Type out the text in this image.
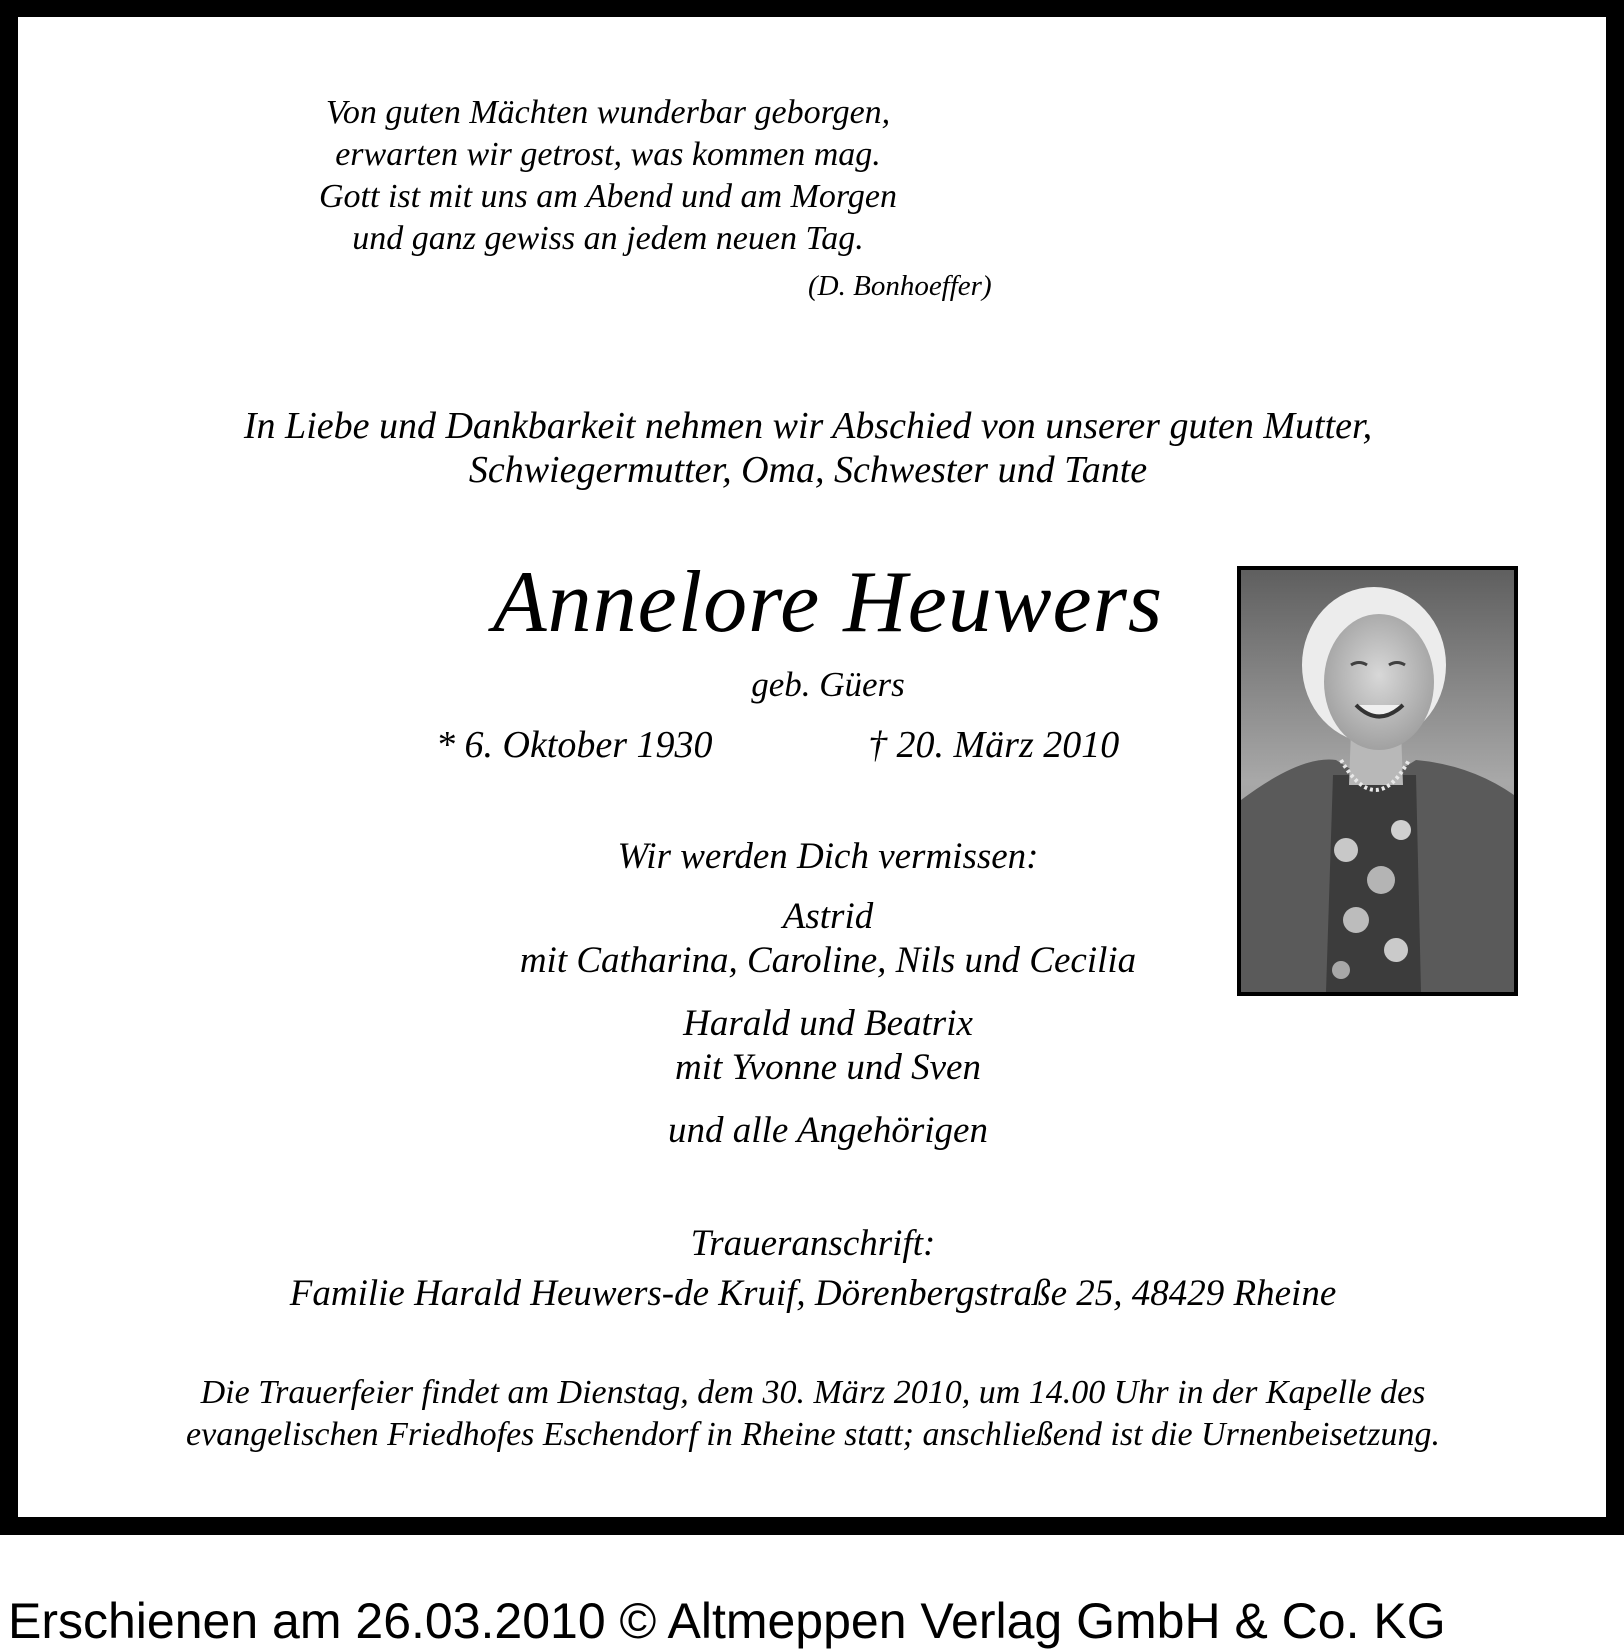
Von guten Mächten wunderbar geborgen,
erwarten wir getrost, was kommen mag.
Gott ist mit uns am Abend und am Morgen
und ganz gewiss an jedem neuen Tag.
(D. Bonhoeffer)
In Liebe und Dankbarkeit nehmen wir Abschied von unserer guten Mutter,
Schwiegermutter, Oma, Schwester und Tante
Annelore Heuwers
geb. Güers
* 6. Oktober 1930	† 20. März 2010
Wir werden Dich vermissen:
Astrid
mit Catharina, Caroline, Nils und Cecilia
Harald und Beatrix
mit Yvonne und Sven
und alle Angehörigen
Traueranschrift:
Familie Harald Heuwers-de Kruif, Dörenbergstraße 25, 48429 Rheine
Die Trauerfeier findet am Dienstag, dem 30. März 2010, um 14.00 Uhr in der Kapelle des
evangelischen Friedhofes Eschendorf in Rheine statt; anschließend ist die Urnenbeisetzung.
Erschienen am 26.03.2010 © Altmeppen Verlag GmbH & Co. KG
